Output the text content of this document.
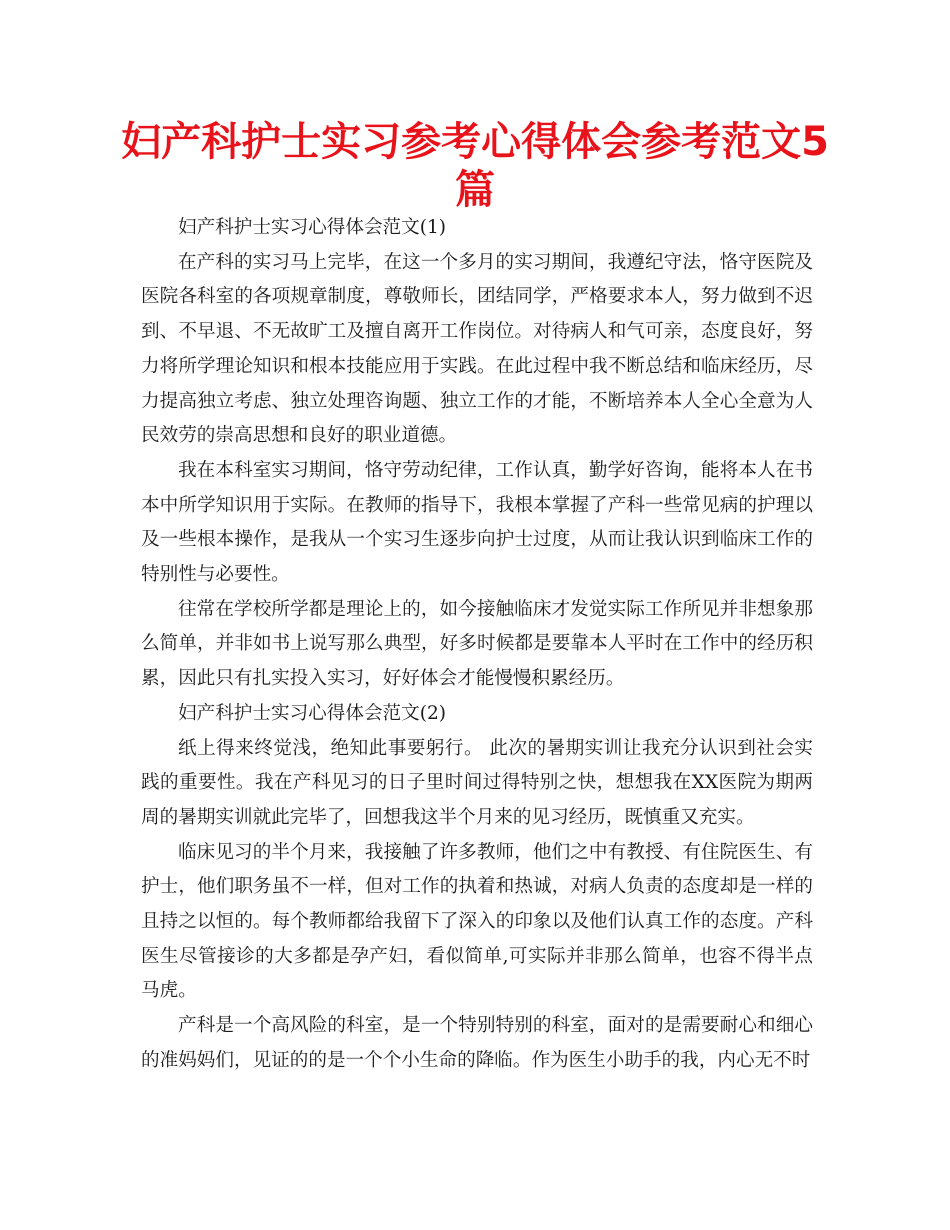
妇产科护士实习参考心得体会参考范文5篇

妇产科护士实习心得体会范文(1)

在产科的实习马上完毕，在这一个多月的实习期间，我遵纪守法，恪守医院及医院各科室的各项规章制度，尊敬师长，团结同学，严格要求本人，努力做到不迟到、不早退、不无故旷工及擅自离开工作岗位。对待病人和气可亲，态度良好，努力将所学理论知识和根本技能应用于实践。在此过程中我不断总结和临床经历，尽力提高独立考虑、独立处理咨询题、独立工作的才能，不断培养本人全心全意为人民效劳的崇高思想和良好的职业道德。

我在本科室实习期间，恪守劳动纪律，工作认真，勤学好咨询，能将本人在书本中所学知识用于实际。在教师的指导下，我根本掌握了产科一些常见病的护理以及一些根本操作，是我从一个实习生逐步向护士过度，从而让我认识到临床工作的特别性与必要性。

往常在学校所学都是理论上的，如今接触临床才发觉实际工作所见并非想象那么简单，并非如书上说写那么典型，好多时候都是要靠本人平时在工作中的经历积累，因此只有扎实投入实习，好好体会才能慢慢积累经历。

妇产科护士实习心得体会范文(2)

纸上得来终觉浅，绝知此事要躬行。 此次的暑期实训让我充分认识到社会实践的重要性。我在产科见习的日子里时间过得特别之快，想想我在XX医院为期两周的暑期实训就此完毕了，回想我这半个月来的见习经历，既慎重又充实。

临床见习的半个月来，我接触了许多教师，他们之中有教授、有住院医生、有护士，他们职务虽不一样，但对工作的执着和热诚，对病人负责的态度却是一样的且持之以恒的。每个教师都给我留下了深入的印象以及他们认真工作的态度。产科医生尽管接诊的大多都是孕产妇，看似简单,可实际并非那么简单，也容不得半点马虎。

产科是一个高风险的科室，是一个特别特别的科室，面对的是需要耐心和细心的准妈妈们，见证的的是一个个小生命的降临。作为医生小助手的我，内心无不时
